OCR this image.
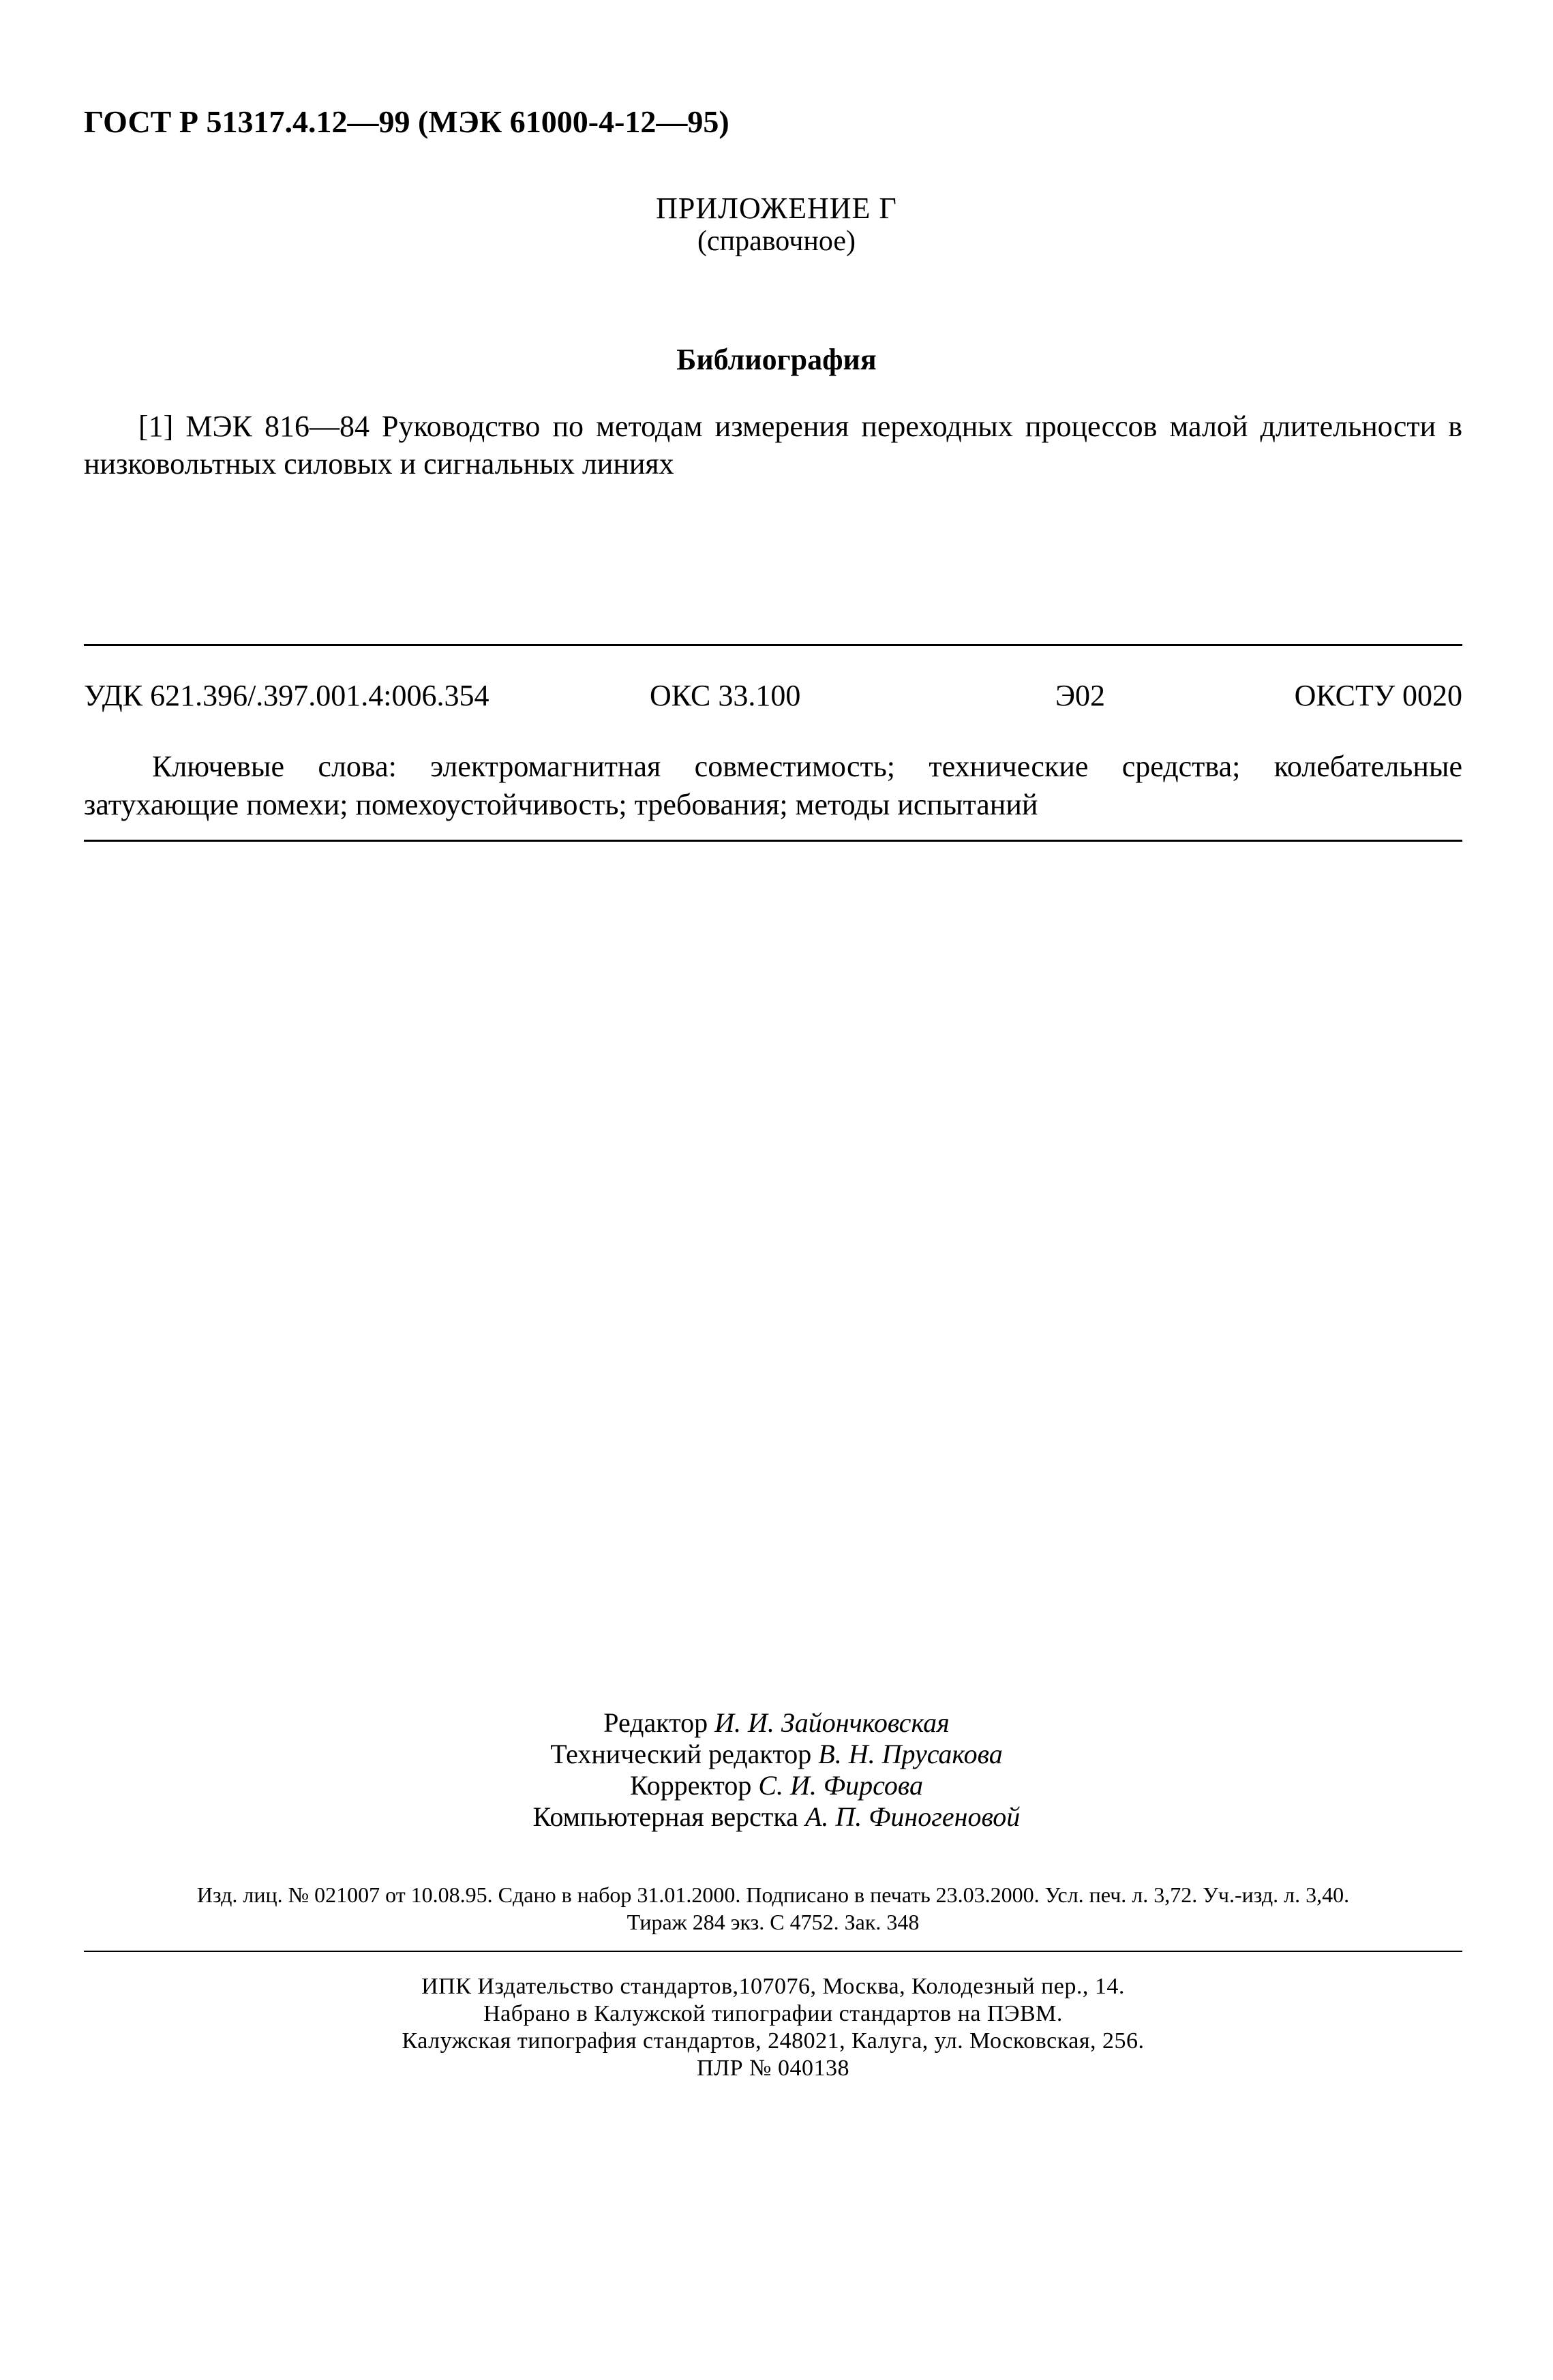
ГОСТ Р 51317.4.12—99 (МЭК 61000-4-12—95)

ПРИЛОЖЕНИЕ Г

(справочное)

Библиография

[1] МЭК 816—84 Руководство по методам измерения переходных процессов малой длительности в низковольтных силовых и сигнальных линиях

УДК 621.396/.397.001.4:006.354	ОКС 33.100	Э02	ОКСТУ 0020

Ключевые слова: электромагнитная совместимость; технические средства; колебательные затухающие помехи; помехоустойчивость; требования; методы испытаний

Редактор И. И. Зайончковская
Технический редактор В. Н. Прусакова
Корректор С. И. Фирсова
Компьютерная верстка А. П. Финогеновой
Изд. лиц. № 021007 от 10.08.95. Сдано в набор 31.01.2000. Подписано в печать 23.03.2000. Усл. печ. л. 3,72. Уч.-изд. л. 3,40.
Тираж 284 экз. С 4752. Зак. 348
ИПК Издательство стандартов,107076, Москва, Колодезный пер., 14.
Набрано в Калужской типографии стандартов на ПЭВМ.
Калужская типография стандартов, 248021, Калуга, ул. Московская, 256.
ПЛР № 040138
